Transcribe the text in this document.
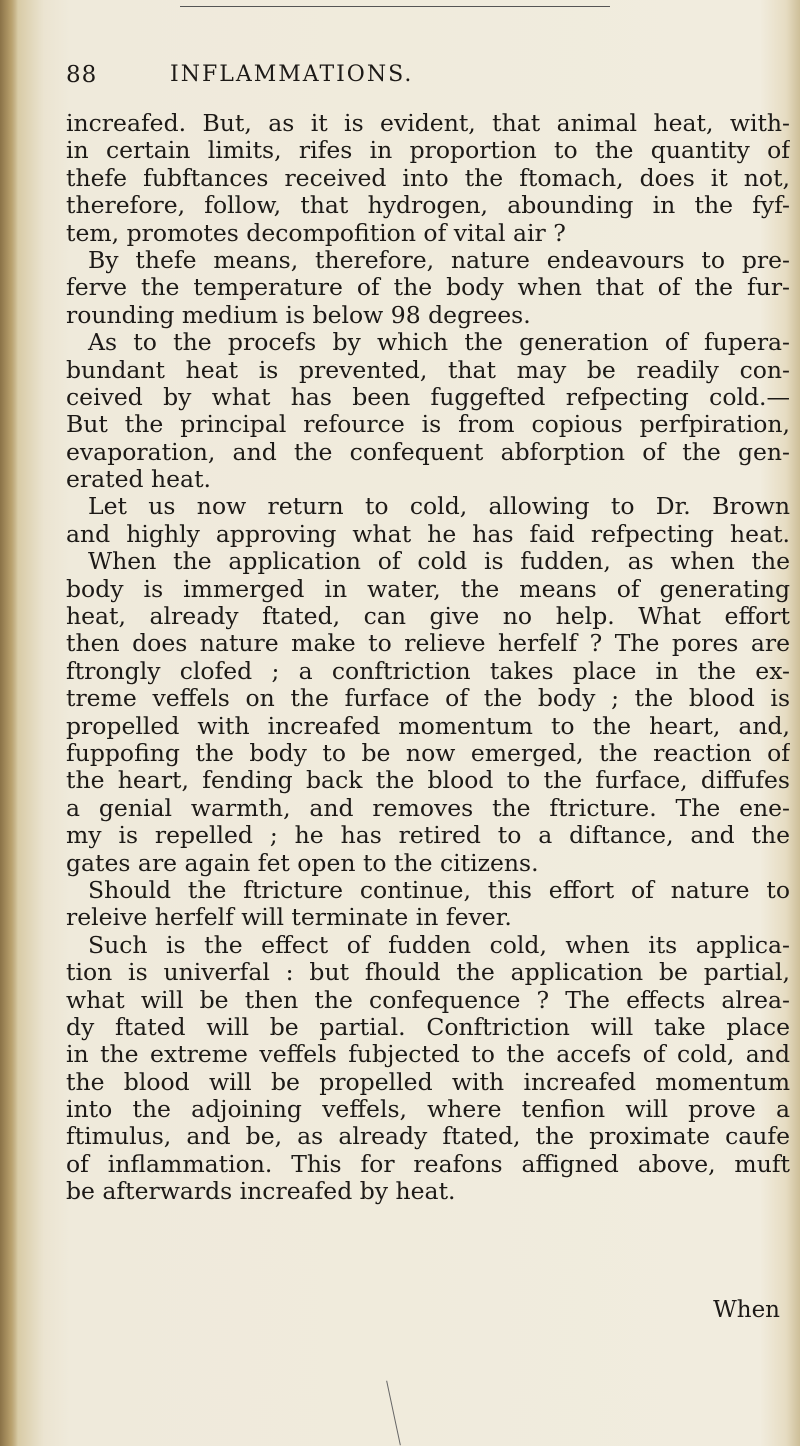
88	INFLAMMATIONS.
increafed. But, as it is evident, that animal heat, with-
in certain limits, rifes in proportion to the quantity of
thefe fubftances received into the ftomach, does it not,
therefore, follow, that hydrogen, abounding in the fyf-
tem, promotes decompofition of vital air ?
By thefe means, therefore, nature endeavours to pre-
ferve the temperature of the body when that of the fur-
rounding medium is below 98 degrees.
As to the procefs by which the generation of fupera-
bundant heat is prevented, that may be readily con-
ceived by what has been fuggefted refpecting cold.—
But the principal refource is from copious perfpiration,
evaporation, and the confequent abforption of the gen-
erated heat.
Let us now return to cold, allowing to Dr. Brown
and highly approving what he has faid refpecting heat.
When the application of cold is fudden, as when the
body is immerged in water, the means of generating
heat, already ftated, can give no help. What effort
then does nature make to relieve herfelf ? The pores are
ftrongly clofed ; a conftriction takes place in the ex-
treme veffels on the furface of the body ; the blood is
propelled with increafed momentum to the heart, and,
fuppofing the body to be now emerged, the reaction of
the heart, fending back the blood to the furface, diffufes
a genial warmth, and removes the ftricture. The ene-
my is repelled ; he has retired to a diftance, and the
gates are again fet open to the citizens.
Should the ftricture continue, this effort of nature to
releive herfelf will terminate in fever.
Such is the effect of fudden cold, when its applica-
tion is univerfal : but fhould the application be partial,
what will be then the confequence ? The effects alrea-
dy ftated will be partial. Conftriction will take place
in the extreme veffels fubjected to the accefs of cold, and
the blood will be propelled with increafed momentum
into the adjoining veffels, where tenfion will prove a
ftimulus, and be, as already ftated, the proximate caufe
of inflammation. This for reafons affigned above, muft
be afterwards increafed by heat.
When
